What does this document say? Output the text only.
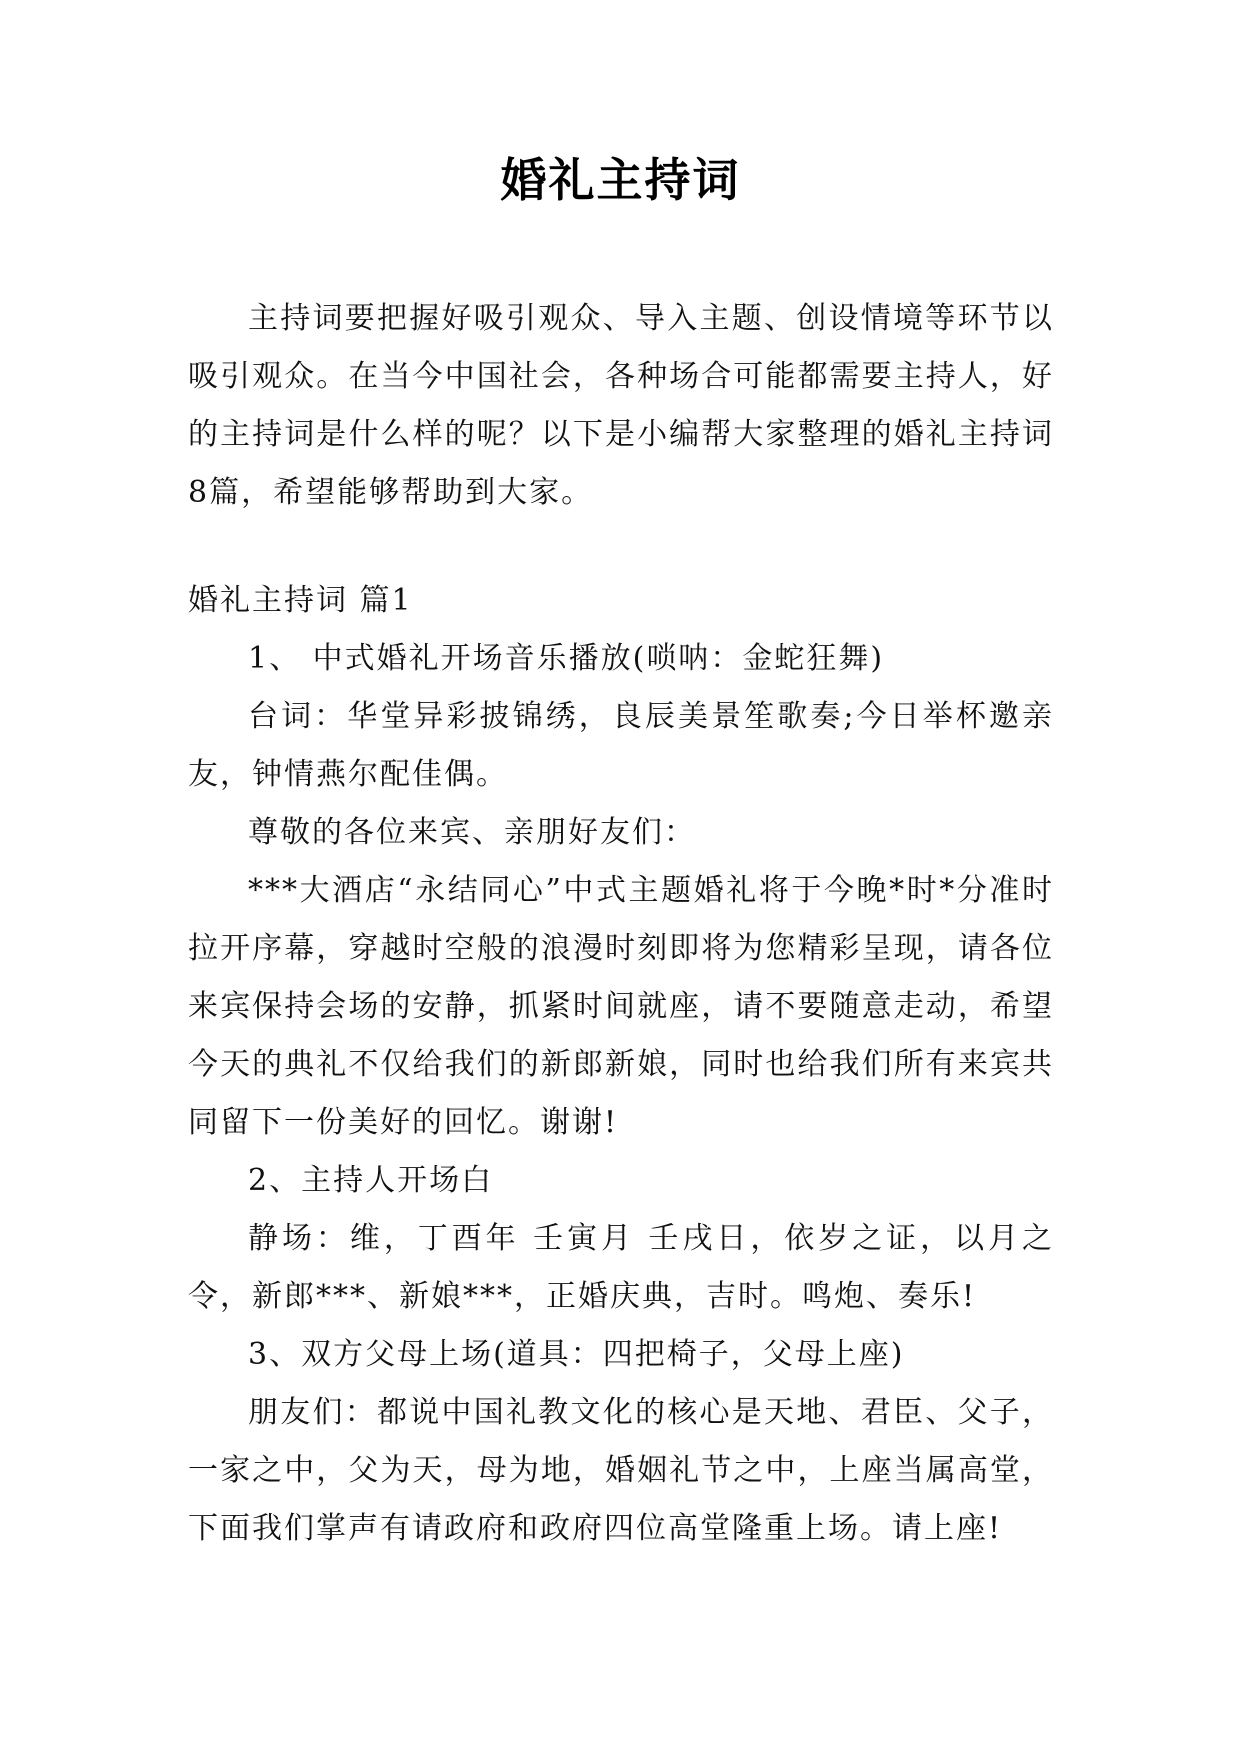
婚礼主持词

主持词要把握好吸引观众、导入主题、创设情境等环节以吸引观众。在当今中国社会，各种场合可能都需要主持人，好的主持词是什么样的呢？以下是小编帮大家整理的婚礼主持词8篇，希望能够帮助到大家。

婚礼主持词 篇1

1、 中式婚礼开场音乐播放(唢呐：金蛇狂舞)

台词：华堂异彩披锦绣，良辰美景笙歌奏;今日举杯邀亲友，钟情燕尔配佳偶。

尊敬的各位来宾、亲朋好友们：

***大酒店“永结同心”中式主题婚礼将于今晚*时*分准时拉开序幕，穿越时空般的浪漫时刻即将为您精彩呈现，请各位来宾保持会场的安静，抓紧时间就座，请不要随意走动，希望今天的典礼不仅给我们的新郎新娘，同时也给我们所有来宾共同留下一份美好的回忆。谢谢!

2、主持人开场白

静场：维，丁酉年 壬寅月 壬戌日，依岁之证，以月之令，新郎***、新娘***，正婚庆典，吉时。鸣炮、奏乐!

3、双方父母上场(道具：四把椅子，父母上座)

朋友们：都说中国礼教文化的核心是天地、君臣、父子，一家之中，父为天，母为地，婚姻礼节之中，上座当属高堂，下面我们掌声有请政府和政府四位高堂隆重上场。请上座!
